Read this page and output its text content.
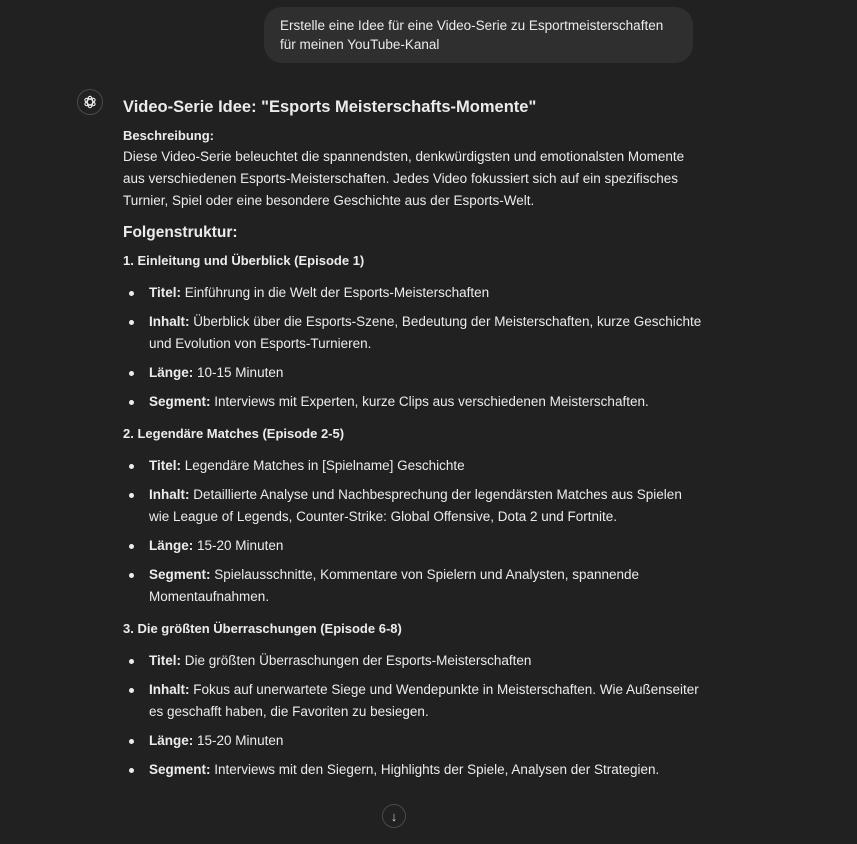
Erstelle eine Idee für eine Video-Serie zu Esportmeisterschaften für meinen YouTube-Kanal
Video-Serie Idee: "Esports Meisterschafts-Momente"
Beschreibung:

Diese Video-Serie beleuchtet die spannendsten, denkwürdigsten und emotionalsten Momente aus verschiedenen Esports-Meisterschaften. Jedes Video fokussiert sich auf ein spezifisches Turnier, Spiel oder eine besondere Geschichte aus der Esports-Welt.

Folgenstruktur:
1. Einleitung und Überblick (Episode 1)
Titel: Einführung in die Welt der Esports-Meisterschaften
Inhalt: Überblick über die Esports-Szene, Bedeutung der Meisterschaften, kurze Geschichte und Evolution von Esports-Turnieren.
Länge: 10-15 Minuten
Segment: Interviews mit Experten, kurze Clips aus verschiedenen Meisterschaften.
2. Legendäre Matches (Episode 2-5)
Titel: Legendäre Matches in [Spielname] Geschichte
Inhalt: Detaillierte Analyse und Nachbesprechung der legendärsten Matches aus Spielen wie League of Legends, Counter-Strike: Global Offensive, Dota 2 und Fortnite.
Länge: 15-20 Minuten
Segment: Spielausschnitte, Kommentare von Spielern und Analysten, spannende Momentaufnahmen.
3. Die größten Überraschungen (Episode 6-8)
Titel: Die größten Überraschungen der Esports-Meisterschaften
Inhalt: Fokus auf unerwartete Siege und Wendepunkte in Meisterschaften. Wie Außenseiter es geschafft haben, die Favoriten zu besiegen.
Länge: 15-20 Minuten
Segment: Interviews mit den Siegern, Highlights der Spiele, Analysen der Strategien.
↓
